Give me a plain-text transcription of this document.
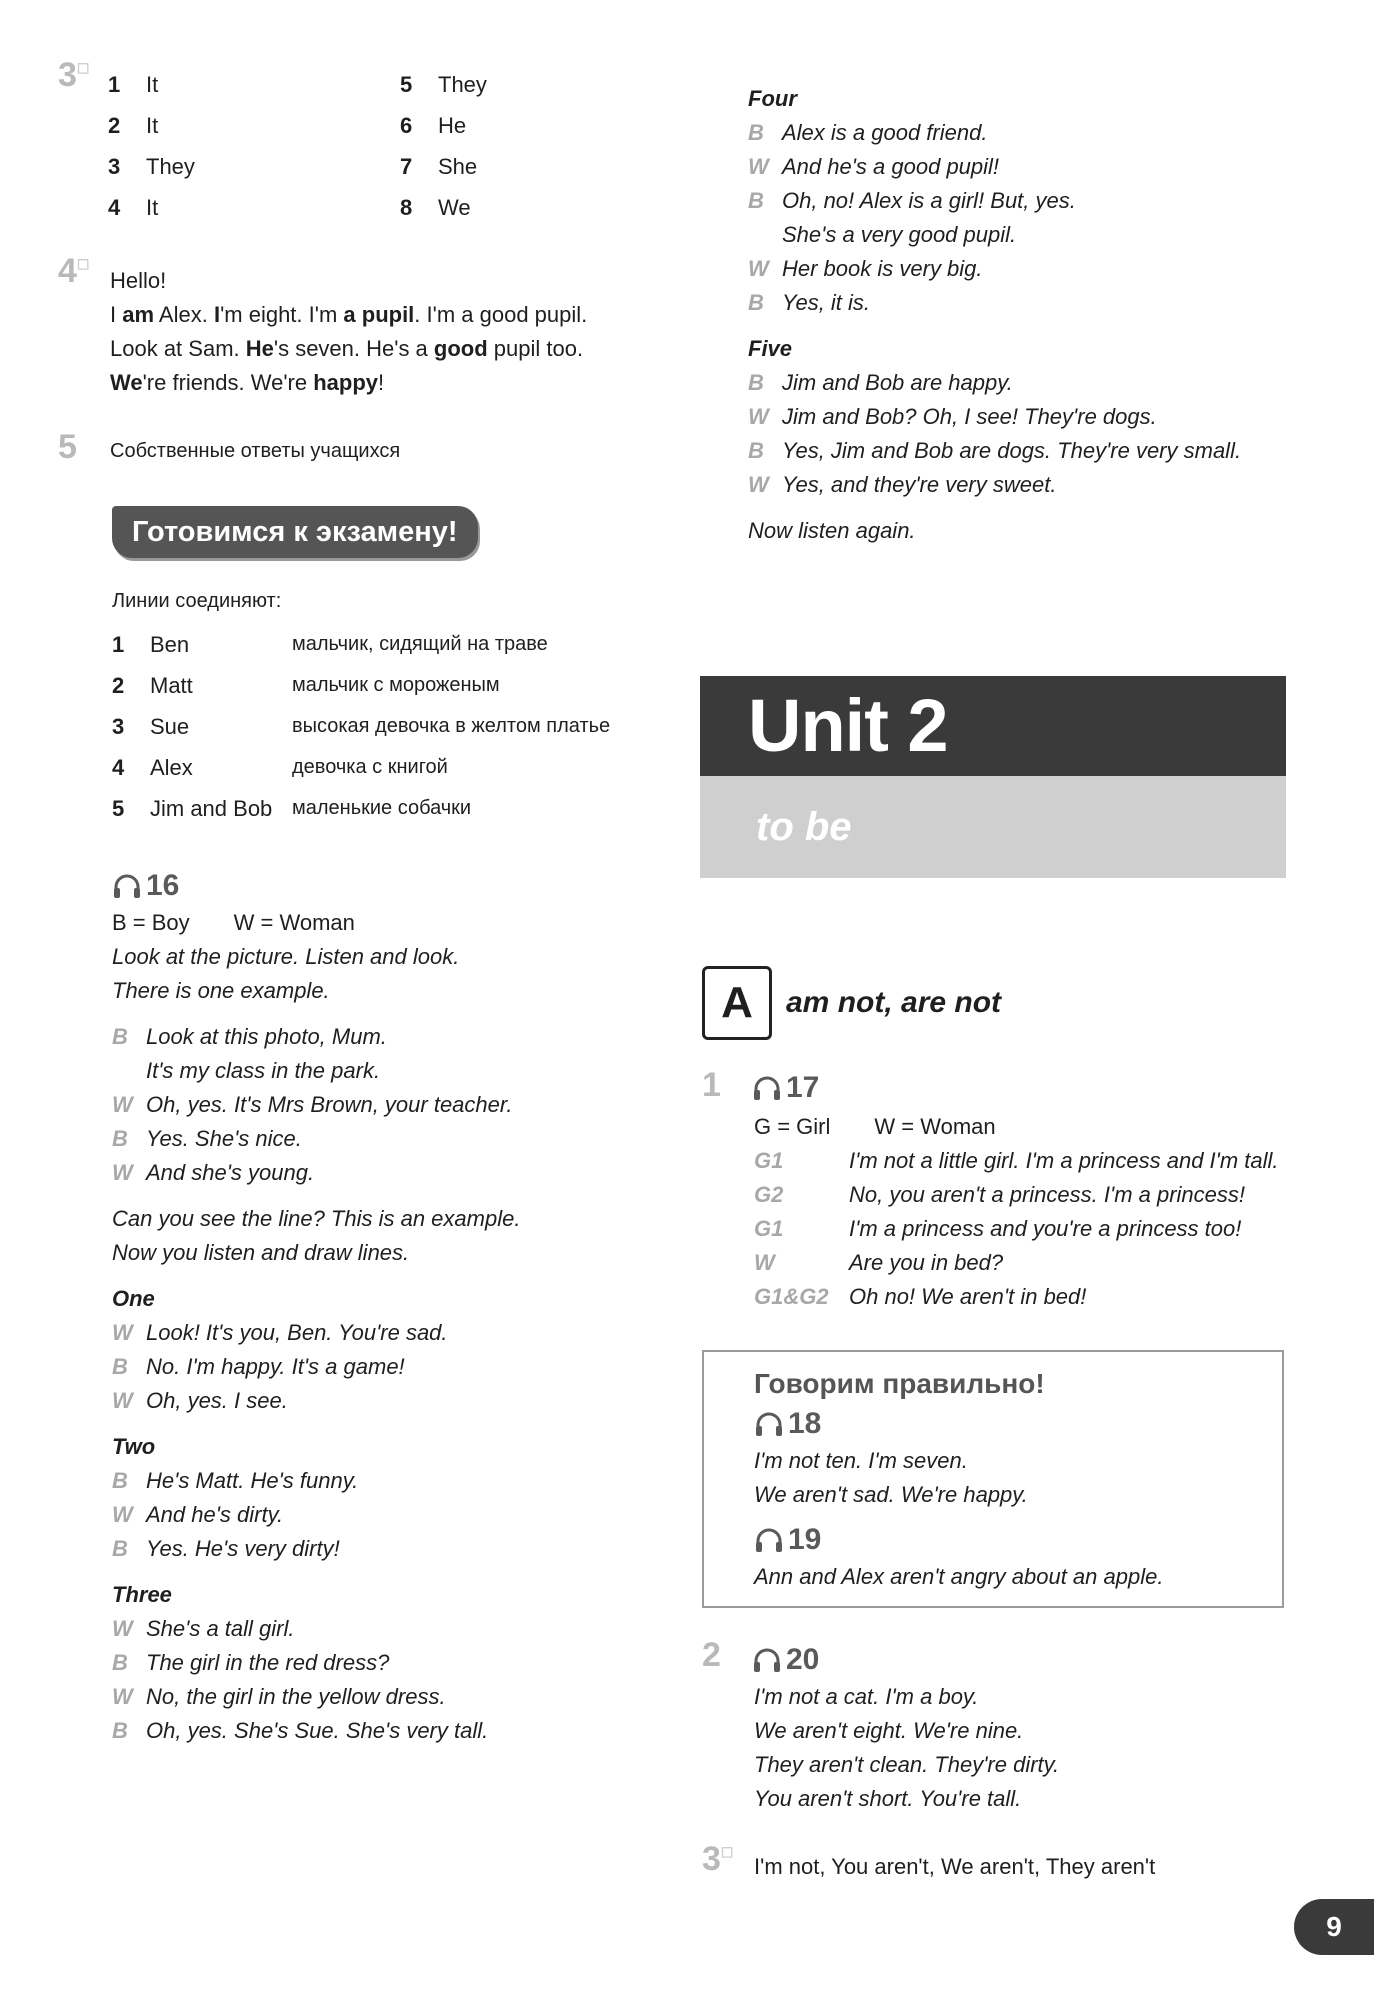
3☐
1	It
2	It
3	They
4	It
5	They
6	He
7	She
8	We
4☐
Hello!
I am Alex. I'm eight. I'm a pupil. I'm a good pupil.
Look at Sam. He's seven. He's a good pupil too.
We're friends. We're happy!
5 Собственные ответы учащихся
Готовимся к экзамену!
Линии соединяют:
1	Ben	мальчик, сидящий на траве
2	Matt	мальчик с мороженым
3	Sue	высокая девочка в желтом платье
4	Alex	девочка с книгой
5	Jim and Bob маленькие собачки
16
B = Boy W = Woman
Look at the picture. Listen and look.
There is one example.
B Look at this photo, Mum.
It's my class in the park.
W Oh, yes. It's Mrs Brown, your teacher.
B Yes. She's nice.
W And she's young.
Can you see the line? This is an example.
Now you listen and draw lines.
One
W Look! It's you, Ben. You're sad.
B No. I'm happy. It's a game!
W Oh, yes. I see.
Two
B He's Matt. He's funny.
W And he's dirty.
B Yes. He's very dirty!
Three
W She's a tall girl.
B The girl in the red dress?
W No, the girl in the yellow dress.
B Oh, yes. She's Sue. She's very tall.
Four
B Alex is a good friend.
W And he's a good pupil!
B Oh, no! Alex is a girl! But, yes.
She's a very good pupil.
W Her book is very big.
B Yes, it is.
Five
B Jim and Bob are happy.
W Jim and Bob? Oh, I see! They're dogs.
B Yes, Jim and Bob are dogs. They're very small.
W Yes, and they're very sweet.
Now listen again.
Unit 2
to be
A	am not, are not
1 17
G = Girl W = Woman
G1	I'm not a little girl. I'm a princess and I'm tall.
G2	No, you aren't a princess. I'm a princess!
G1	I'm a princess and you're a princess too!
W	Are you in bed?
G1&G2 Oh no! We aren't in bed!
Говорим правильно!
18
I'm not ten. I'm seven.
We aren't sad. We're happy.
19
Ann and Alex aren't angry about an apple.
2 20
I'm not a cat. I'm a boy.
We aren't eight. We're nine.
They aren't clean. They're dirty.
You aren't short. You're tall.
3☐
I'm not, You aren't, We aren't, They aren't
9
